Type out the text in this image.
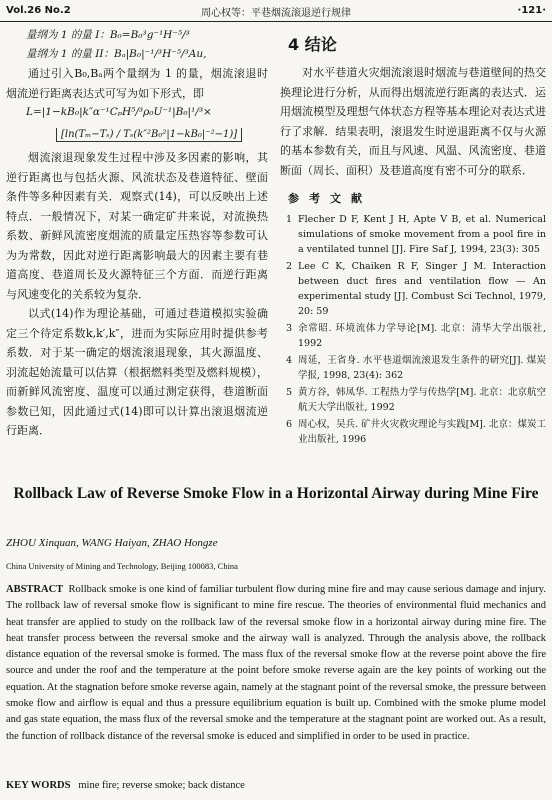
Vol.26 No.2	周心权等：平巷烟流滚退逆行规律	·121·

量纲为 1 的量 I：B₀=B₀³g⁻¹H⁻⁵/³

量纲为 1 的量 II：Bₐ|B₀|⁻¹/³H⁻⁵/³Au,

通过引入B₀,Bₐ两个量纲为 1 的量，烟流滚退时烟流逆行距离表达式可写为如下形式，即

L=|1−kB₀|k″α⁻¹CₚH⁵/³ρ₀U⁻¹|B₀|¹/³×

[ln(Tₘ−Tₛ) / Tₛ(k″²B₀²|1−kB₀|⁻²−1)]

烟流滚退现象发生过程中涉及多因素的影响，其逆行距离也与包括火源、风流状态及巷道特征、壁面条件等多种因素有关．观察式(14)，可以反映出上述特点．一般情况下，对某一确定矿井来说，对流换热系数、新鲜风流密度烟流的质量定压热容等参数可认为为常数，因此对逆行距离影响最大的因素主要有巷道高度、巷道周长及火源特征三个方面．而逆行距离与风速变化的关系较为复杂．

以式(14)作为理论基础，可通过巷道模拟实验确定三个待定系数k,k′,k″，进而为实际应用时提供参考系数．对于某一确定的烟流滚退现象，其火源温度、羽流起始流量可以估算（根据燃料类型及燃料规模），而新鲜风流密度、温度可以通过测定获得，巷道断面参数已知，因此通过式(14)即可以计算出滚退烟流逆行距离．

4 结论

对水平巷道火灾烟流滚退时烟流与巷道壁间的热交换理论进行分析，从而得出烟流逆行距离的表达式．运用烟流模型及理想气体状态方程等基本理论对表达式进行了求解．结果表明，滚退发生时逆退距离不仅与火源的基本参数有关，而且与风速、风温、风流密度、巷道断面（周长、面积）及巷道高度有密不可分的联系．

参考文献

1 Flecher D F, Kent J H, Apte V B, et al. Numerical simulations of smoke movement from a pool fire in a ventilated tunnel [J]. Fire Saf J, 1994, 23(3): 305

2 Lee C K, Chaiken R F, Singer J M. Interaction between duct fires and ventilation flow — An experimental study [J]. Combust Sci Technol, 1979, 20: 59

3 余常昭. 环境流体力学导论[M]. 北京：清华大学出版社, 1992

4 周延，王省身. 水平巷道烟流滚退发生条件的研究[J]. 煤炭学报, 1998, 23(4): 362

5 黄方谷，韩凤华. 工程热力学与传热学[M]. 北京：北京航空航天大学出版社, 1992

6 周心权，吴兵. 矿井火灾救灾理论与实践[M]. 北京：煤炭工业出版社, 1996

Rollback Law of Reverse Smoke Flow in a Horizontal Airway during Mine Fire
ZHOU Xinquan, WANG Haiyan, ZHAO Hongze
China University of Mining and Technology, Beijing 100083, China
ABSTRACT Rollback smoke is one kind of familiar turbulent flow during mine fire and may cause serious damage and injury. The rollback law of reversal smoke flow is significant to mine fire rescue. The theories of environmental fluid mechanics and heat transfer are applied to study on the rollback law of the reversal smoke flow in a horizontal airway during mine fire. The heat transfer process between the reversal smoke and the airway wall is analyzed. Through the analysis above, the rollback distance equation of the reversal smoke is formed. The mass flux of the reversal smoke flow at the reverse point above the fire source and under the roof and the temperature at the point before smoke reverse again are the key points of working out the equation. At the stagnation before smoke reverse again, namely at the stagnant point of the reversal smoke, the pressure between smoke flow and airflow is equal and thus a pressure equilibrium equation is built up. Combined with the smoke plume model and gas state equation, the mass flux of the reversal smoke and the temperature at the stagnant point are worked out. As a result, the function of rollback distance of the reversal smoke is educed and simplified in order to be used in practice.
KEY WORDS mine fire; reverse smoke; back distance
